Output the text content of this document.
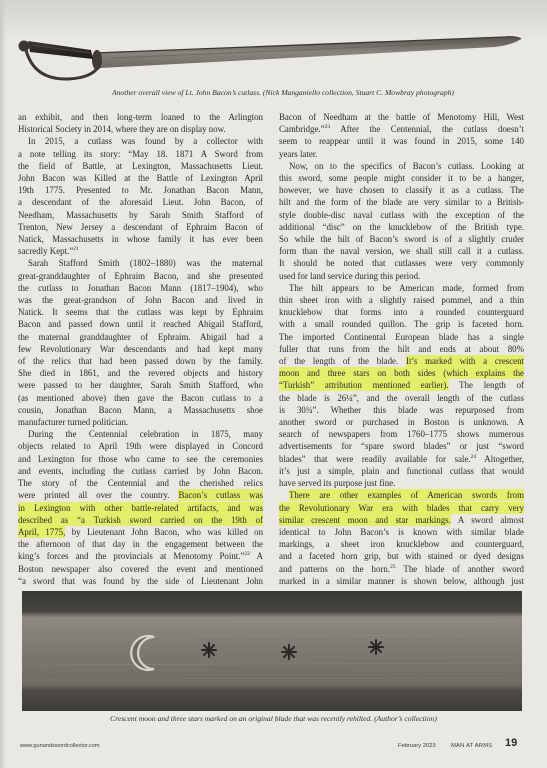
Another overall view of Lt. John Bacon’s cutlass. (Nick Manganiello collection, Stuart C. Mowbray photograph)
an exhibit, and then long-term loaned to the Arlington
Historical Society in 2014, where they are on display now.
In 2015, a cutlass was found by a collector with
a note telling its story: “May 18. 1871 A Sword from
the field of Battle, at Lexington, Massachusetts Lieut.
John Bacon was Killed at the Battle of Lexington April
19th 1775. Presented to Mr. Jonathan Bacon Mann,
a descendant of the aforesaid Lieut. John Bacon, of
Needham, Massachusetts by Sarah Smith Stafford of
Trenton, New Jersey a descendant of Ephraim Bacon of
Natick, Massachusetts in whose family it has ever been
sacredly Kept.”$^{21}$
Sarah Stafford Smith (1802–1880) was the maternal
great-granddaughter of Ephraim Bacon, and she presented
the cutlass to Jonathan Bacon Mann (1817–1904), who
was the great-grandson of John Bacon and lived in
Natick. It seems that the cutlass was kept by Ephraim
Bacon and passed down until it reached Abigail Stafford,
the maternal granddaughter of Ephraim. Abigail had a
few Revolutionary War descendants and had kept many
of the relics that had been passed down by the family.
She died in 1861, and the revered objects and history
were passed to her daughter, Sarah Smith Stafford, who
(as mentioned above) then gave the Bacon cutlass to a
cousin, Jonathan Bacon Mann, a Massachusetts shoe
manufacturer turned politician.
During the Centennial celebration in 1875, many
objects related to April 19th were displayed in Concord
and Lexington for those who came to see the ceremonies
and events, including the cutlass carried by John Bacon.
The story of the Centennial and the cherished relics
were printed all over the country. Bacon’s cutlass was
in Lexington with other battle-related artifacts, and was
described as “a Turkish sword carried on the 19th of
April, 1775, by Lieutenant John Bacon, who was killed on
the afternoon of that day in the engagement between the
king’s forces and the provincials at Menotomy Point.”$^{22}$ A
Boston newspaper also covered the event and mentioned
“a sword that was found by the side of Lieutenant John
Bacon of Needham at the battle of Menotomy Hill, West
Cambridge.”$^{23}$ After the Centennial, the cutlass doesn’t
seem to reappear until it was found in 2015, some 140
years later.
Now, on to the specifics of Bacon’s cutlass. Looking at
this sword, some people might consider it to be a hanger,
however, we have chosen to classify it as a cutlass. The
hilt and the form of the blade are very similar to a British-
style double-disc naval cutlass with the exception of the
additional “disc” on the knucklebow of the British type.
So while the hilt of Bacon’s sword is of a slightly cruder
form than the naval version, we shall still call it a cutlass.
It should be noted that cutlasses were very commonly
used for land service during this period.
The hilt appears to be American made, formed from
thin sheet iron with a slightly raised pommel, and a thin
knucklebow that forms into a rounded counterguard
with a small rounded quillon. The grip is faceted horn.
The imported Continental European blade has a single
fuller that runs from the hilt and ends at about 80%
of the length of the blade. It’s marked with a crescent
moon and three stars on both sides (which explains the
“Turkish” attribution mentioned earlier). The length of
the blade is 26¼”, and the overall length of the cutlass
is 30¾”. Whether this blade was repurposed from
another sword or purchased in Boston is unknown. A
search of newspapers from 1760–1775 shows numerous
advertisements for “spare sword blades” or just “sword
blades” that were readily available for sale.$^{24}$ Altogether,
it’s just a simple, plain and functional cutlass that would
have served its purpose just fine.
There are other examples of American swords from
the Revolutionary War era with blades that carry very
similar crescent moon and star markings. A sword almost
identical to John Bacon’s is known with similar blade
markings, a sheet iron knucklebow and counterguard,
and a faceted horn grip, but with stained or dyed designs
and patterns on the horn.$^{25}$ The blade of another sword
marked in a similar manner is shown below, although just
Crescent moon and three stars marked on an original blade that was recently rehilted. (Author’s collection)
www.gunandswordcollector.com	February 2023	MAN AT ARMS 19
